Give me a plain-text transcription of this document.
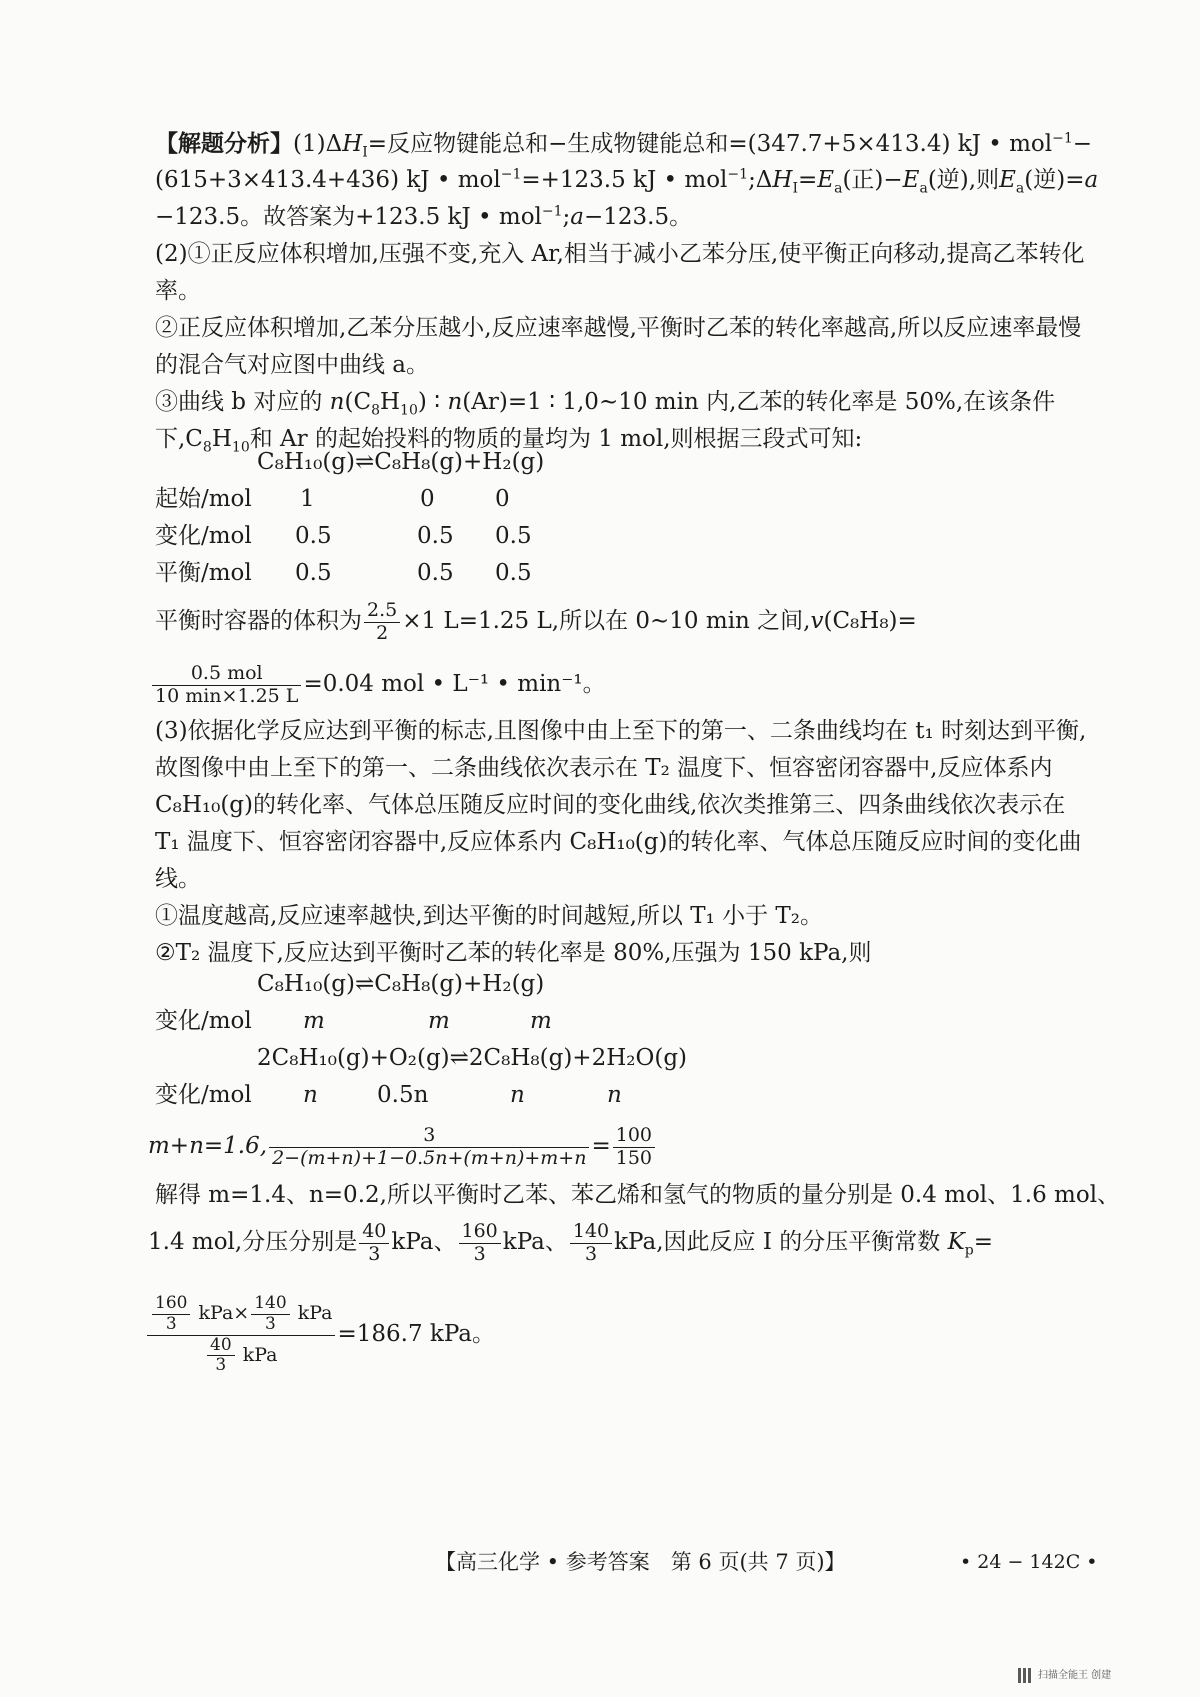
【解题分析】$(1)\Delta H_I=$反应物键能总和−生成物键能总和=(347.7+5×413.4) kJ • mol$^{-1}$−
(615+3×413.4+436) kJ • mol$^{-1}$=+123.5 kJ • $mol^{-1};\Delta H_I=E_a$(正)$-E_a$(逆),则$E_a$(逆)=a
−123.5。故答案为+123.5 kJ • mol$^{-1}$;a−123.5。
(2)①正反应体积增加,压强不变,充入 Ar,相当于减小乙苯分压,使平衡正向移动,提高乙苯转化率。
②正反应体积增加,乙苯分压越小,反应速率越慢,平衡时乙苯的转化率越高,所以反应速率最慢的混合气对应图中曲线 a。
③曲线 b 对应的 $n(C_8H_{10})$ ∶ n(Ar)=1 ∶ 1,0∼10 min 内,乙苯的转化率是 50%,在该条件
下$,C_8H_{10}$和 Ar 的起始投料的物质的量均为 1 mol,则根据三段式可知:
C₈H₁₀(g)⇌C₈H₈(g)+H₂(g)
起始/mol 1	0	0
变化/mol 0.5	0.5 0.5
平衡/mol 0.5	0.5 0.5
平衡时容器的体积为 $\frac{2.5}{2} \times 1$ L=1.25 L,所以在 0∼10 min 之间,v(C₈H₈)=
0.5 mol
10 min×1.25 L =0.04 mol • L⁻¹ • min⁻¹。
(3)依据化学反应达到平衡的标志,且图像中由上至下的第一、二条曲线均在 t₁ 时刻达到平衡,故图像中由上至下的第一、二条曲线依次表示在 T₂ 温度下、恒容密闭容器中,反应体系内 C₈H₁₀(g)的转化率、气体总压随反应时间的变化曲线,依次类推第三、四条曲线依次表示在 T₁ 温度下、恒容密闭容器中,反应体系内 C₈H₁₀(g)的转化率、气体总压随反应时间的变化曲线。
①温度越高,反应速率越快,到达平衡的时间越短,所以 T₁ 小于 T₂。
②T₂ 温度下,反应达到平衡时乙苯的转化率是 80%,压强为 150 kPa,则
C₈H₁₀(g)⇌C₈H₈(g)+H₂(g)
变化/mol m	m	m
2C₈H₁₀(g)+O₂(g)⇌2C₈H₈(g)+2H₂O(g)
变化/mol n	0.5n	n	n
m+n=1.6, $\frac{3}{2-(m+n)+1-0.5n+(m+n)+m+n} = \frac{100}{150}$
解得 m=1.4、n=0.2,所以平衡时乙苯、苯乙烯和氢气的物质的量分别是 0.4 mol、1.6 mol、
1.4 mol,分压分别是 $\frac{40}{3}$ kPa、 $\frac{160}{3}$ kPa、 $\frac{140}{3}$ kPa,因此反应 Ⅰ 的分压平衡常数 $K_p=$
$\frac{160}{3} kPa\times \frac{140}{3}$ kPa
$\frac{40}{3}$ kPa
=186.7 kPa。
【高三化学 • 参考答案　第 6 页(共 7 页)】	• 24 − 142C •
扫描全能王 创建
